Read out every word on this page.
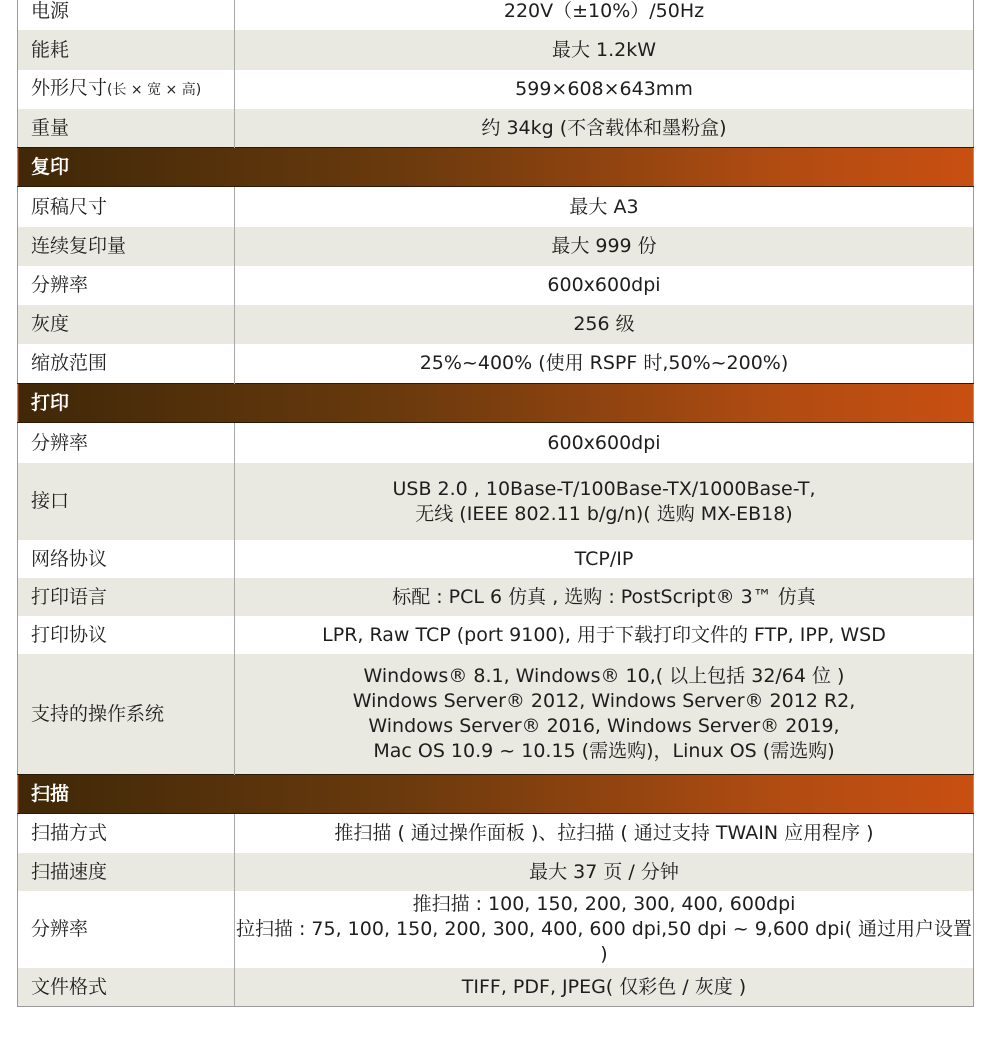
电源	220V（±10%）/50Hz

能耗	最大 1.2kW

外形尺寸(长 × 宽 × 高)	599×608×643mm

重量	约 34kg (不含载体和墨粉盒)

复印	
原稿尺寸	最大 A3

连续复印量	最大 999 份

分辨率	600x600dpi

灰度	256 级

缩放范围	25%~400% (使用 RSPF 时,50%~200%)

打印	
分辨率	600x600dpi

接口	USB 2.0 , 10Base-T/100Base-TX/1000Base-T,
无线 (IEEE 802.11 b/g/n)( 选购 MX-EB18)

网络协议	TCP/IP

打印语言	标配 : PCL 6 仿真 , 选购 : PostScript® 3™ 仿真

打印协议	LPR, Raw TCP (port 9100), 用于下载打印文件的 FTP, IPP, WSD

支持的操作系统	Windows® 8.1, Windows® 10,( 以上包括 32/64 位 )
Windows Server® 2012, Windows Server® 2012 R2,
Windows Server® 2016, Windows Server® 2019,
Mac OS 10.9 ~ 10.15 (需选购)，Linux OS (需选购)

扫描	
扫描方式	推扫描 ( 通过操作面板 )、拉扫描 ( 通过支持 TWAIN 应用程序 )

扫描速度	最大 37 页 / 分钟

分辨率	推扫描 : 100, 150, 200, 300, 400, 600dpi
拉扫描 : 75, 100, 150, 200, 300, 400, 600 dpi,50 dpi ~ 9,600 dpi( 通过用户设置 )

文件格式	TIFF, PDF, JPEG( 仅彩色 / 灰度 )
